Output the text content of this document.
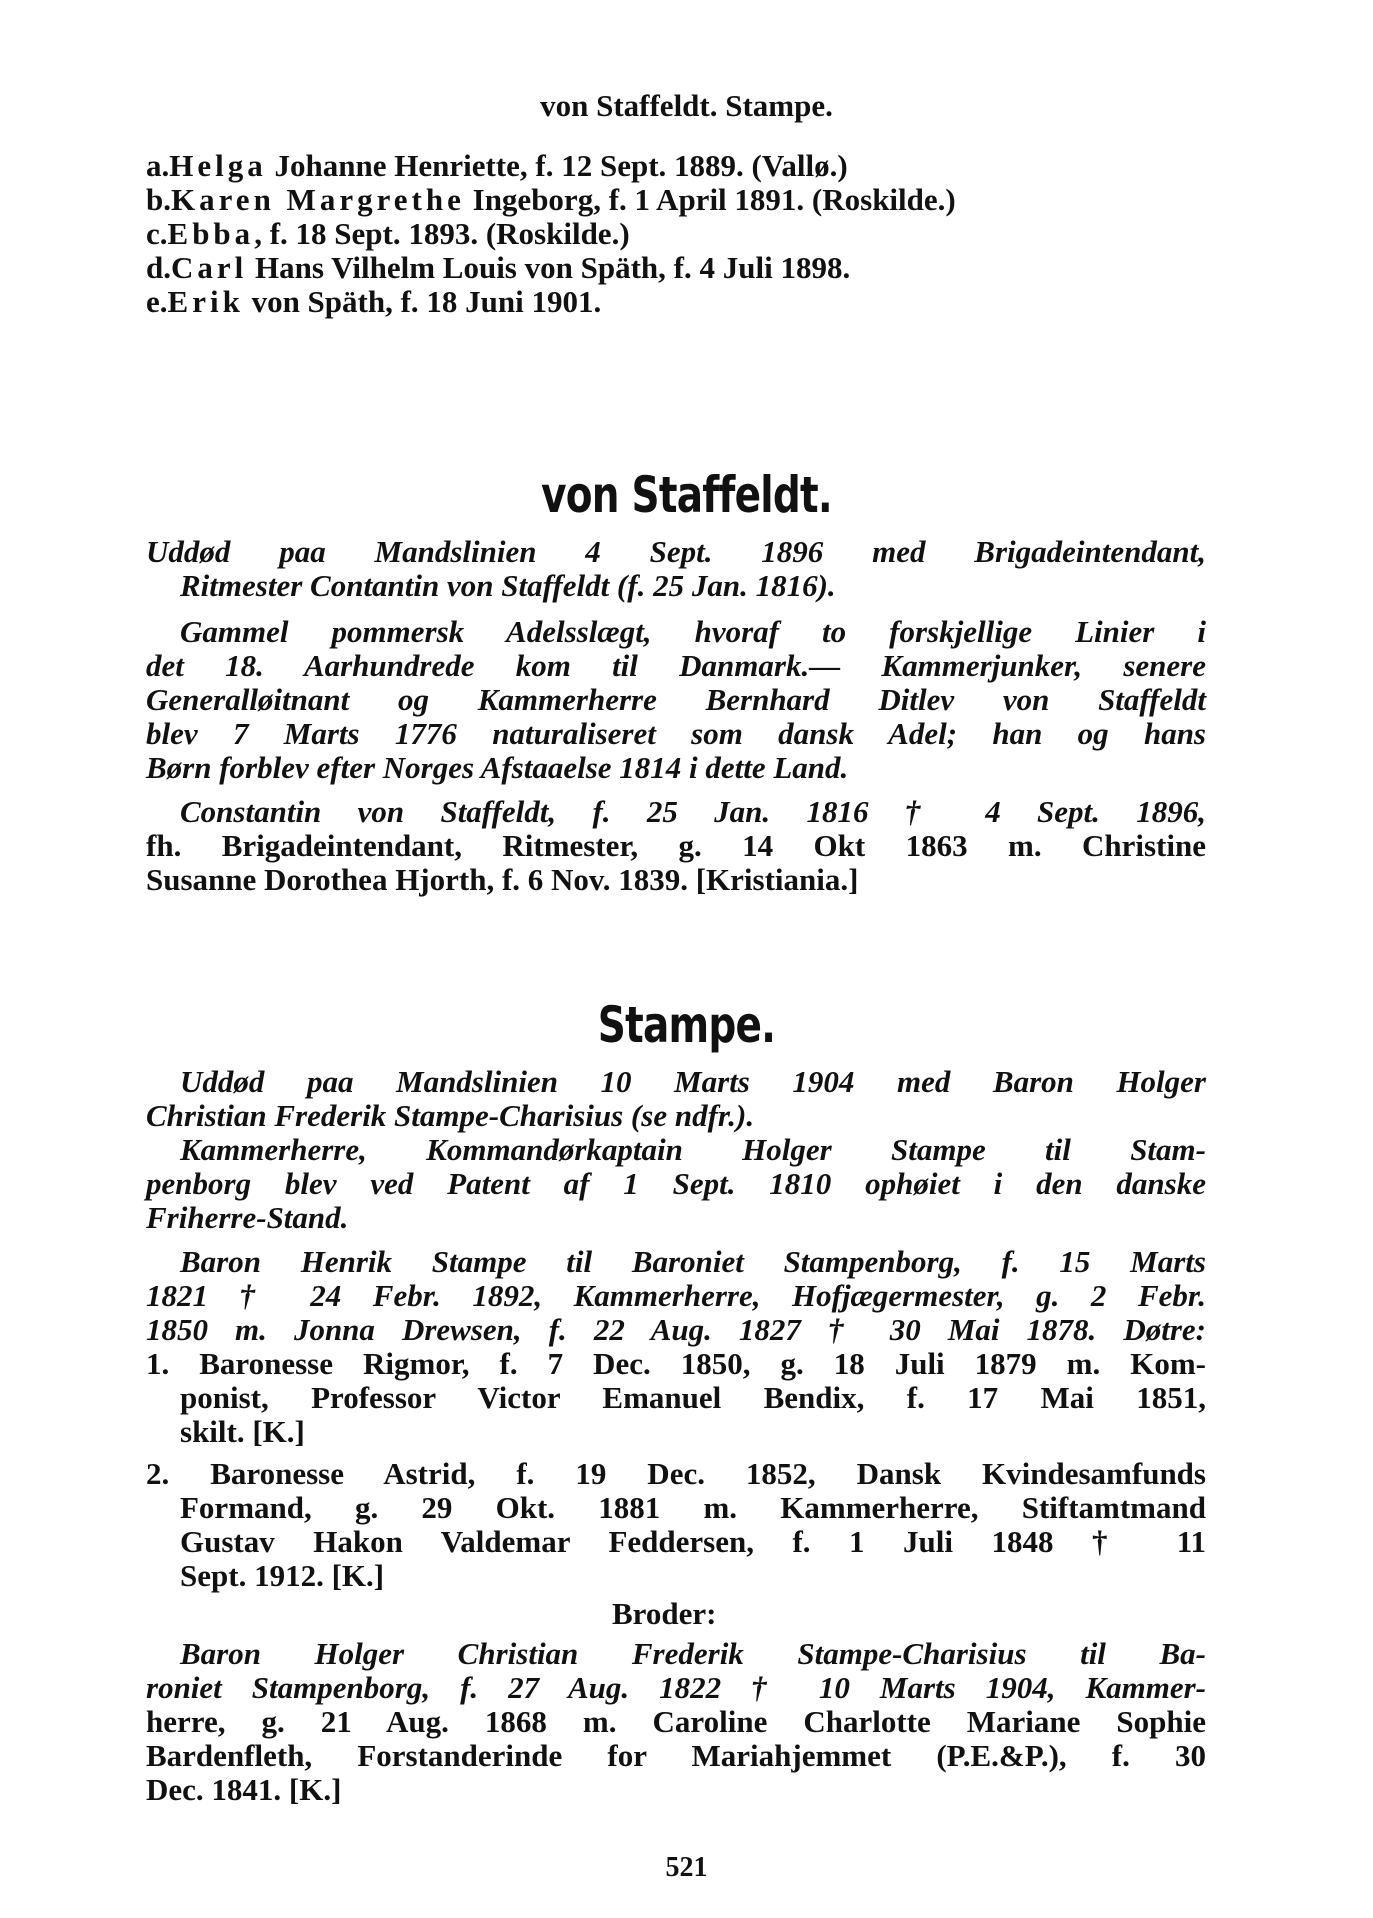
von Staffeldt. Stampe.
a.Helga Johanne Henriette, f. 12 Sept. 1889. (Vallø.)
b.Karen Margrethe Ingeborg, f. 1 April 1891. (Roskilde.)
c.Ebba, f. 18 Sept. 1893. (Roskilde.)
d.Carl Hans Vilhelm Louis von Späth, f. 4 Juli 1898.
e.Erik von Späth, f. 18 Juni 1901.
von Staffeldt.
Uddød paa Mandslinien 4 Sept. 1896 med Brigadeintendant,
Ritmester Contantin von Staffeldt (f. 25 Jan. 1816).
Gammel pommersk Adelsslægt, hvoraf to forskjellige Linier i
det 18. Aarhundrede kom til Danmark.— Kammerjunker, senere
Generalløitnant og Kammerherre Bernhard Ditlev von Staffeldt
blev 7 Marts 1776 naturaliseret som dansk Adel; han og hans
Børn forblev efter Norges Afstaaelse 1814 i dette Land.
Constantin von Staffeldt, f. 25 Jan. 1816 † 4 Sept. 1896,
fh. Brigadeintendant, Ritmester, g. 14 Okt 1863 m. Christine
Susanne Dorothea Hjorth, f. 6 Nov. 1839. [Kristiania.]
Stampe.
Uddød paa Mandslinien 10 Marts 1904 med Baron Holger
Christian Frederik Stampe-Charisius (se ndfr.).
Kammerherre, Kommandørkaptain Holger Stampe til Stam-
penborg blev ved Patent af 1 Sept. 1810 ophøiet i den danske
Friherre-Stand.
Baron Henrik Stampe til Baroniet Stampenborg, f. 15 Marts
1821 † 24 Febr. 1892, Kammerherre, Hofjægermester, g. 2 Febr.
1850 m. Jonna Drewsen, f. 22 Aug. 1827 † 30 Mai 1878. Døtre:
1. Baronesse Rigmor, f. 7 Dec. 1850, g. 18 Juli 1879 m. Kom-
ponist, Professor Victor Emanuel Bendix, f. 17 Mai 1851,
skilt. [K.]
2. Baronesse Astrid, f. 19 Dec. 1852, Dansk Kvindesamfunds
Formand, g. 29 Okt. 1881 m. Kammerherre, Stiftamtmand
Gustav Hakon Valdemar Feddersen, f. 1 Juli 1848 † 11
Sept. 1912. [K.]
Broder:
Baron Holger Christian Frederik Stampe-Charisius til Ba-
roniet Stampenborg, f. 27 Aug. 1822 † 10 Marts 1904, Kammer-
herre, g. 21 Aug. 1868 m. Caroline Charlotte Mariane Sophie
Bardenfleth, Forstanderinde for Mariahjemmet (P.E.&P.), f. 30
Dec. 1841. [K.]
521
